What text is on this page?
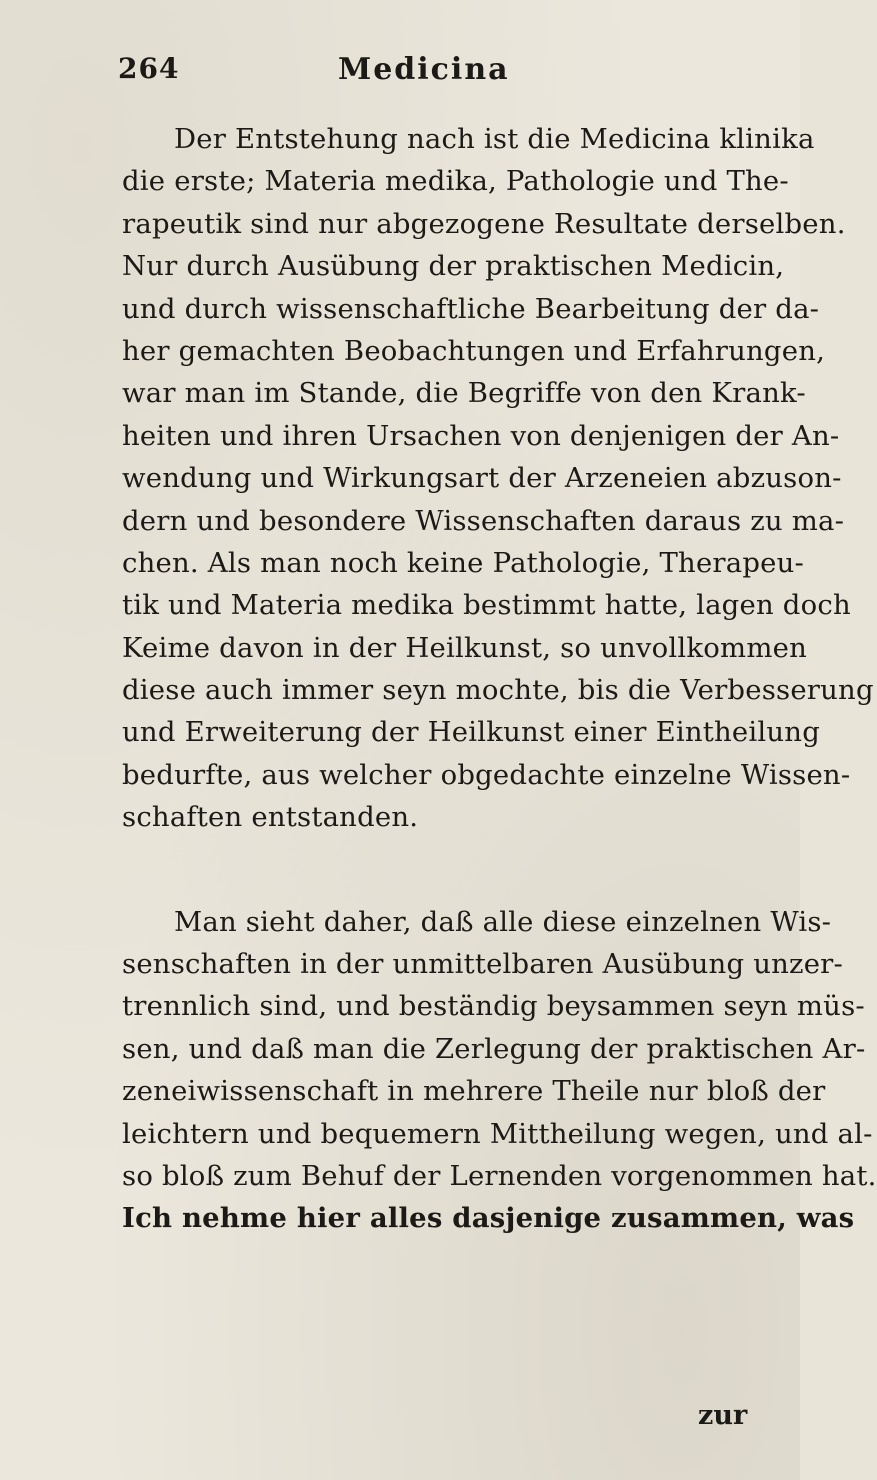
264	Medicina
Der Entstehung nach ist die Medicina klinika
die erste; Materia medika, Pathologie und The-
rapeutik sind nur abgezogene Resultate derselben.
Nur durch Ausübung der praktischen Medicin,
und durch wissenschaftliche Bearbeitung der da-
her gemachten Beobachtungen und Erfahrungen,
war man im Stande, die Begriffe von den Krank-
heiten und ihren Ursachen von denjenigen der An-
wendung und Wirkungsart der Arzeneien abzuson-
dern und besondere Wissenschaften daraus zu ma-
chen. Als man noch keine Pathologie, Therapeu-
tik und Materia medika bestimmt hatte, lagen doch
Keime davon in der Heilkunst, so unvollkommen
diese auch immer seyn mochte, bis die Verbesserung
und Erweiterung der Heilkunst einer Eintheilung
bedurfte, aus welcher obgedachte einzelne Wissen-
schaften entstanden.
Man sieht daher, daß alle diese einzelnen Wis-
senschaften in der unmittelbaren Ausübung unzer-
trennlich sind, und beständig beysammen seyn müs-
sen, und daß man die Zerlegung der praktischen Ar-
zeneiwissenschaft in mehrere Theile nur bloß der
leichtern und bequemern Mittheilung wegen, und al-
so bloß zum Behuf der Lernenden vorgenommen hat.
Ich nehme hier alles dasjenige zusammen, was
zur
